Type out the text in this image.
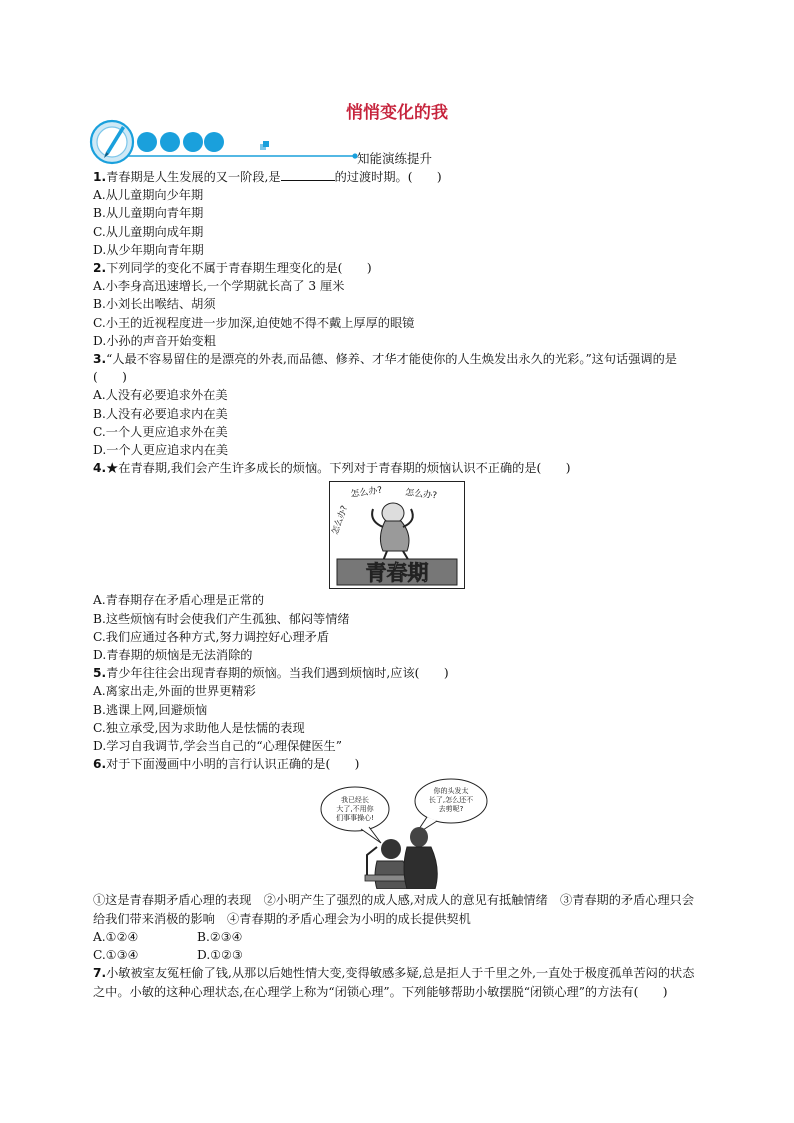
悄悄变化的我
知能演练提升

1.青春期是人生发展的又一阶段,是	的过渡时期。(　　)

A.从儿童期向少年期

B.从儿童期向青年期

C.从儿童期向成年期

D.从少年期向青年期

2.下列同学的变化不属于青春期生理变化的是(　　)

A.小李身高迅速增长,一个学期就长高了 3 厘米

B.小刘长出喉结、胡须

C.小王的近视程度进一步加深,迫使她不得不戴上厚厚的眼镜

D.小孙的声音开始变粗

3.“人最不容易留住的是漂亮的外表,而品德、修养、才华才能使你的人生焕发出永久的光彩。”这句话强调的是(　　)

A.人没有必要追求外在美

B.人没有必要追求内在美

C.一个人更应追求外在美

D.一个人更应追求内在美

4.★在青春期,我们会产生许多成长的烦恼。下列对于青春期的烦恼认识不正确的是(　　)

怎么办? 怎么办?
怎么办?
青春期

A.青春期存在矛盾心理是正常的

B.这些烦恼有时会使我们产生孤独、郁闷等情绪

C.我们应通过各种方式,努力调控好心理矛盾

D.青春期的烦恼是无法消除的

5.青少年往往会出现青春期的烦恼。当我们遇到烦恼时,应该(　　)

A.离家出走,外面的世界更精彩

B.逃课上网,回避烦恼

C.独立承受,因为求助他人是怯懦的表现

D.学习自我调节,学会当自己的“心理保健医生”

6.对于下面漫画中小明的言行认识正确的是(　　)

我已经长
大了,不用你
们事事操心!
你的头发太
长了,怎么还不
去剪呢?

①这是青春期矛盾心理的表现　②小明产生了强烈的成人感,对成人的意见有抵触情绪　③青春期的矛盾心理只会给我们带来消极的影响　④青春期的矛盾心理会为小明的成长提供契机

A.①②④	B.②③④
C.①③④	D.①②③

7.小敏被室友冤枉偷了钱,从那以后她性情大变,变得敏感多疑,总是拒人于千里之外,一直处于极度孤单苦闷的状态之中。小敏的这种心理状态,在心理学上称为“闭锁心理”。下列能够帮助小敏摆脱“闭锁心理”的方法有(　　)
